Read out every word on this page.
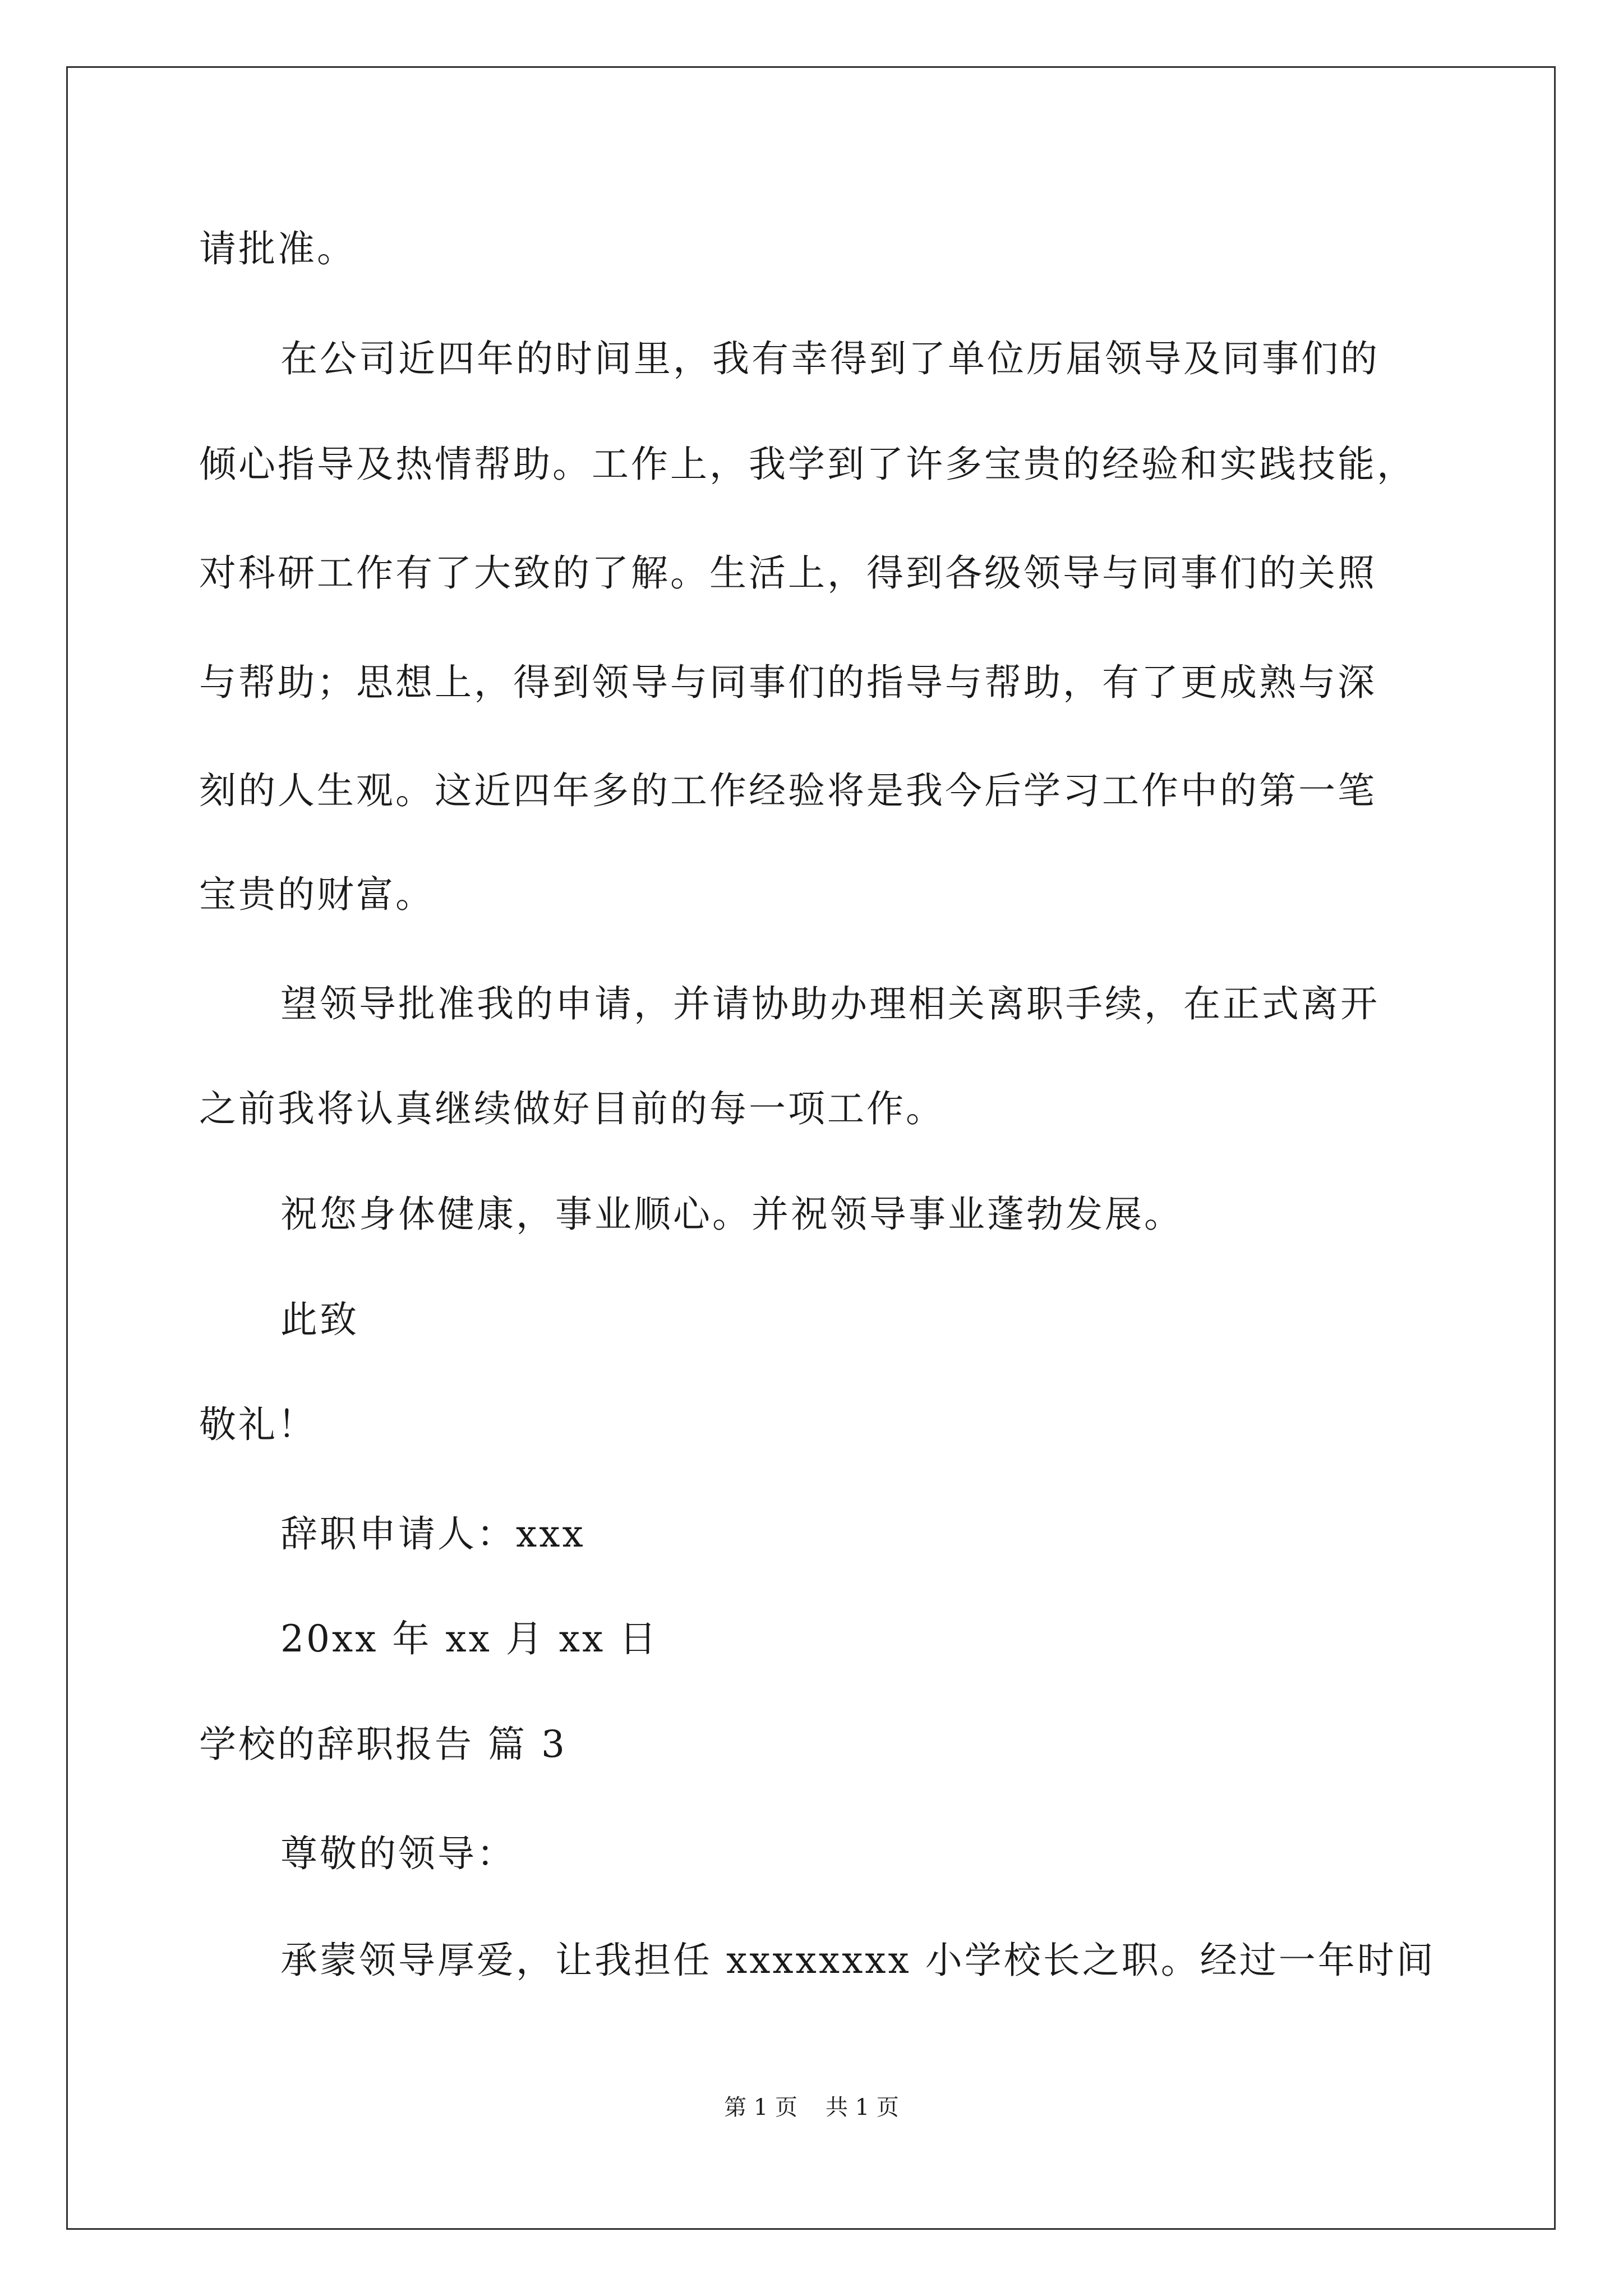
请批准。
在公司近四年的时间里，我有幸得到了单位历届领导及同事们的
倾心指导及热情帮助。工作上，我学到了许多宝贵的经验和实践技能，
对科研工作有了大致的了解。生活上，得到各级领导与同事们的关照
与帮助；思想上，得到领导与同事们的指导与帮助，有了更成熟与深
刻的人生观。这近四年多的工作经验将是我今后学习工作中的第一笔
宝贵的财富。
望领导批准我的申请，并请协助办理相关离职手续，在正式离开
之前我将认真继续做好目前的每一项工作。
祝您身体健康，事业顺心。并祝领导事业蓬勃发展。
此致
敬礼！
辞职申请人：xxx
20xx 年 xx 月 xx 日
学校的辞职报告 篇 3
尊敬的领导：
承蒙领导厚爱，让我担任 xxxxxxxx 小学校长之职。经过一年时间
第 1 页 共 1 页
